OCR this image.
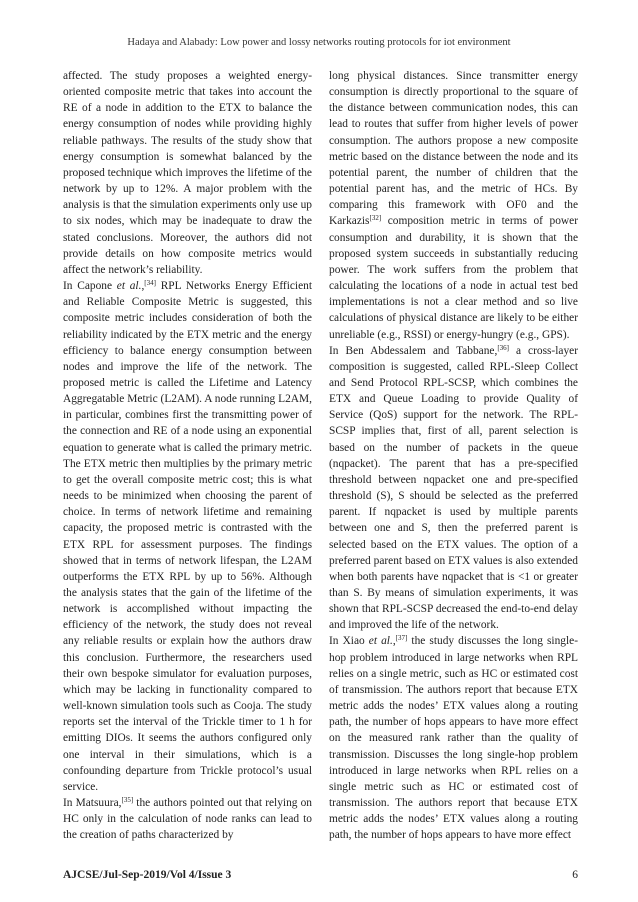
Hadaya and Alabady: Low power and lossy networks routing protocols for iot environment

affected. The study proposes a weighted energy-oriented composite metric that takes into account the RE of a node in addition to the ETX to balance the energy consumption of nodes while providing highly reliable pathways. The results of the study show that energy consumption is somewhat balanced by the proposed technique which improves the lifetime of the network by up to 12%. A major problem with the analysis is that the simulation experiments only use up to six nodes, which may be inadequate to draw the stated conclusions. Moreover, the authors did not provide details on how composite metrics would affect the network’s reliability.

In Capone et al.,[34] RPL Networks Energy Efficient and Reliable Composite Metric is suggested, this composite metric includes consideration of both the reliability indicated by the ETX metric and the energy efficiency to balance energy consumption between nodes and improve the life of the network. The proposed metric is called the Lifetime and Latency Aggregatable Metric (L2AM). A node running L2AM, in particular, combines first the transmitting power of the connection and RE of a node using an exponential equation to generate what is called the primary metric. The ETX metric then multiplies by the primary metric to get the overall composite metric cost; this is what needs to be minimized when choosing the parent of choice. In terms of network lifetime and remaining capacity, the proposed metric is contrasted with the ETX RPL for assessment purposes. The findings showed that in terms of network lifespan, the L2AM outperforms the ETX RPL by up to 56%. Although the analysis states that the gain of the lifetime of the network is accomplished without impacting the efficiency of the network, the study does not reveal any reliable results or explain how the authors draw this conclusion. Furthermore, the researchers used their own bespoke simulator for evaluation purposes, which may be lacking in functionality compared to well-known simulation tools such as Cooja. The study reports set the interval of the Trickle timer to 1 h for emitting DIOs. It seems the authors configured only one interval in their simulations, which is a confounding departure from Trickle protocol’s usual service.

In Matsuura,[35] the authors pointed out that relying on HC only in the calculation of node ranks can lead to the creation of paths characterized by

long physical distances. Since transmitter energy consumption is directly proportional to the square of the distance between communication nodes, this can lead to routes that suffer from higher levels of power consumption. The authors propose a new composite metric based on the distance between the node and its potential parent, the number of children that the potential parent has, and the metric of HCs. By comparing this framework with OF0 and the Karkazis[32] composition metric in terms of power consumption and durability, it is shown that the proposed system succeeds in substantially reducing power. The work suffers from the problem that calculating the locations of a node in actual test bed implementations is not a clear method and so live calculations of physical distance are likely to be either unreliable (e.g., RSSI) or energy-hungry (e.g., GPS).

In Ben Abdessalem and Tabbane,[36] a cross-layer composition is suggested, called RPL-Sleep Collect and Send Protocol RPL-SCSP, which combines the ETX and Queue Loading to provide Quality of Service (QoS) support for the network. The RPL-SCSP implies that, first of all, parent selection is based on the number of packets in the queue (nqpacket). The parent that has a pre-specified threshold between nqpacket one and pre-specified threshold (S), S should be selected as the preferred parent. If nqpacket is used by multiple parents between one and S, then the preferred parent is selected based on the ETX values. The option of a preferred parent based on ETX values is also extended when both parents have nqpacket that is <1 or greater than S. By means of simulation experiments, it was shown that RPL-SCSP decreased the end-to-end delay and improved the life of the network.

In Xiao et al.,[37] the study discusses the long single-hop problem introduced in large networks when RPL relies on a single metric, such as HC or estimated cost of transmission. The authors report that because ETX metric adds the nodes’ ETX values along a routing path, the number of hops appears to have more effect on the measured rank rather than the quality of transmission. Discusses the long single-hop problem introduced in large networks when RPL relies on a single metric such as HC or estimated cost of transmission. The authors report that because ETX metric adds the nodes’ ETX values along a routing path, the number of hops appears to have more effect

AJCSE/Jul-Sep-2019/Vol 4/Issue 3	6
